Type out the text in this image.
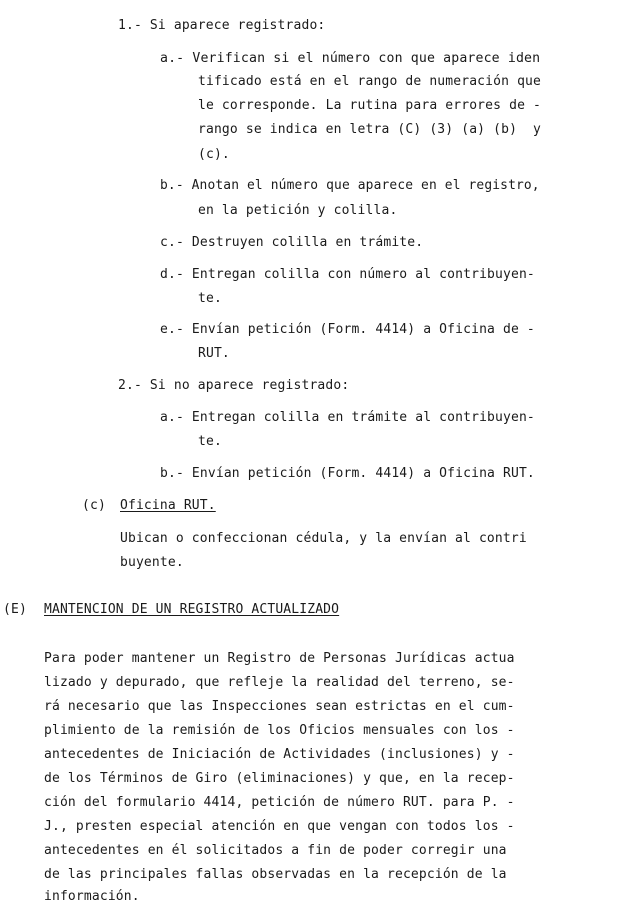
1.- Si aparece registrado:

a.- Verifican si el número con que aparece iden

tificado está en el rango de numeración que

le corresponde. La rutina para errores de -

rango se indica en letra (C) (3) (a) (b)  y

(c).

b.- Anotan el número que aparece en el registro,

en la petición y colilla.

c.- Destruyen colilla en trámite.

d.- Entregan colilla con número al contribuyen-

te.

e.- Envían petición (Form. 4414) a Oficina de -

RUT.

2.- Si no aparece registrado:

a.- Entregan colilla en trámite al contribuyen-

te.

b.- Envían petición (Form. 4414) a Oficina RUT.

(c) Oficina RUT.

Ubican o confeccionan cédula, y la envían al contri

buyente.

(E) MANTENCION DE UN REGISTRO ACTUALIZADO

Para poder mantener un Registro de Personas Jurídicas actua

lizado y depurado, que refleje la realidad del terreno, se-

rá necesario que las Inspecciones sean estrictas en el cum-

plimiento de la remisión de los Oficios mensuales con los -

antecedentes de Iniciación de Actividades (inclusiones) y -

de los Términos de Giro (eliminaciones) y que, en la recep-

ción del formulario 4414, petición de número RUT. para P. -

J., presten especial atención en que vengan con todos los -

antecedentes en él solicitados a fin de poder corregir una

de las principales fallas observadas en la recepción de la

información.
